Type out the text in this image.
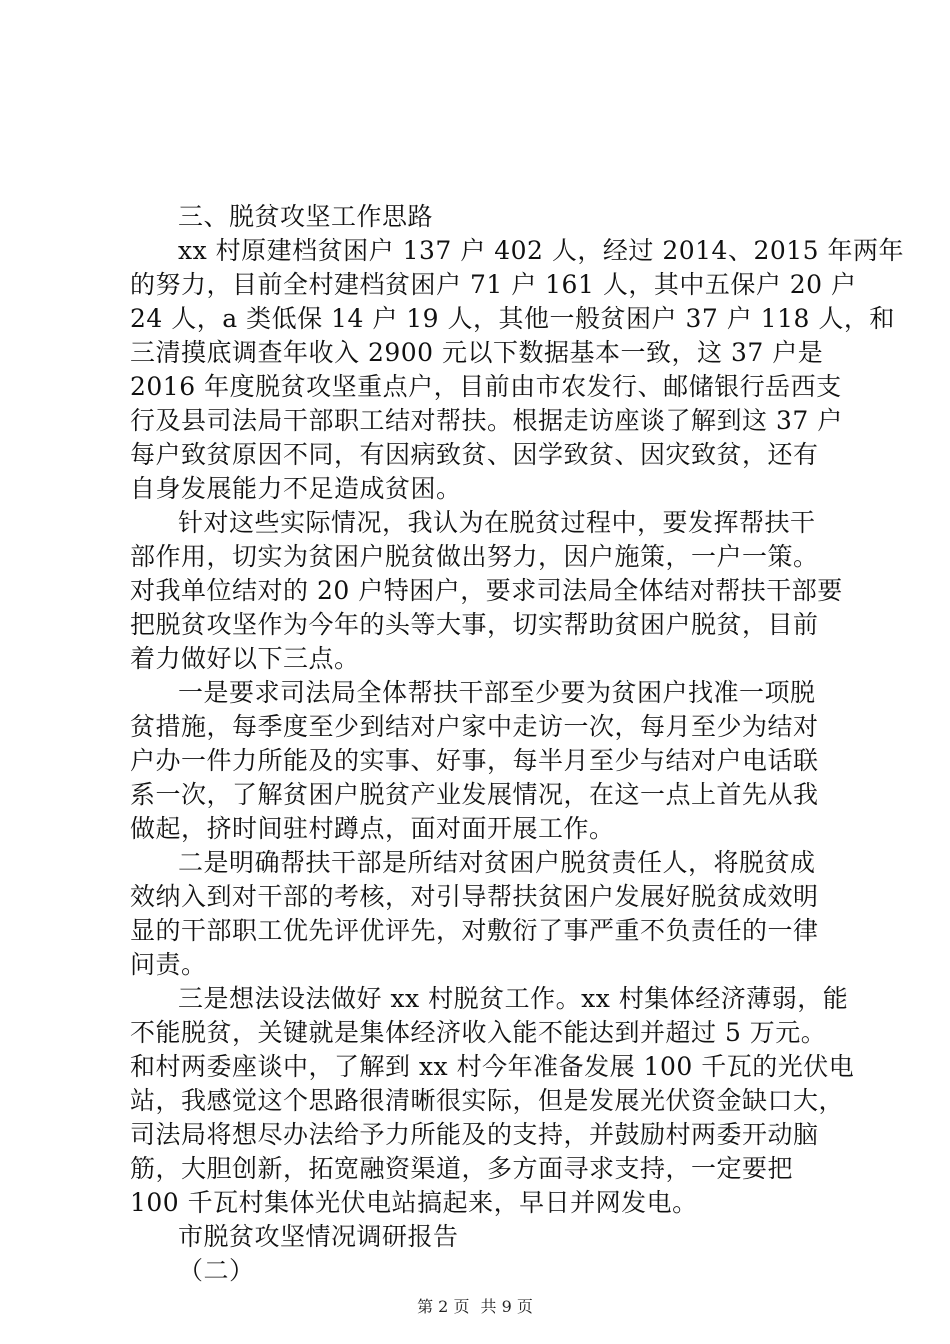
三、脱贫攻坚工作思路
xx 村原建档贫困户 137 户 402 人，经过 2014、2015 年两年
的努力，目前全村建档贫困户 71 户 161 人，其中五保户 20 户
24 人，a 类低保 14 户 19 人，其他一般贫困户 37 户 118 人，和
三清摸底调查年收入 2900 元以下数据基本一致，这 37 户是
2016 年度脱贫攻坚重点户，目前由市农发行、邮储银行岳西支
行及县司法局干部职工结对帮扶。根据走访座谈了解到这 37 户
每户致贫原因不同，有因病致贫、因学致贫、因灾致贫，还有
自身发展能力不足造成贫困。
针对这些实际情况，我认为在脱贫过程中，要发挥帮扶干
部作用，切实为贫困户脱贫做出努力，因户施策，一户一策。
对我单位结对的 20 户特困户，要求司法局全体结对帮扶干部要
把脱贫攻坚作为今年的头等大事，切实帮助贫困户脱贫，目前
着力做好以下三点。
一是要求司法局全体帮扶干部至少要为贫困户找准一项脱
贫措施，每季度至少到结对户家中走访一次，每月至少为结对
户办一件力所能及的实事、好事，每半月至少与结对户电话联
系一次，了解贫困户脱贫产业发展情况，在这一点上首先从我
做起，挤时间驻村蹲点，面对面开展工作。
二是明确帮扶干部是所结对贫困户脱贫责任人，将脱贫成
效纳入到对干部的考核，对引导帮扶贫困户发展好脱贫成效明
显的干部职工优先评优评先，对敷衍了事严重不负责任的一律
问责。
三是想法设法做好 xx 村脱贫工作。xx 村集体经济薄弱，能
不能脱贫，关键就是集体经济收入能不能达到并超过 5 万元。
和村两委座谈中，了解到 xx 村今年准备发展 100 千瓦的光伏电
站，我感觉这个思路很清晰很实际，但是发展光伏资金缺口大，
司法局将想尽办法给予力所能及的支持，并鼓励村两委开动脑
筋，大胆创新，拓宽融资渠道，多方面寻求支持，一定要把
100 千瓦村集体光伏电站搞起来，早日并网发电。
市脱贫攻坚情况调研报告
（二）
第 2 页 共 9 页
